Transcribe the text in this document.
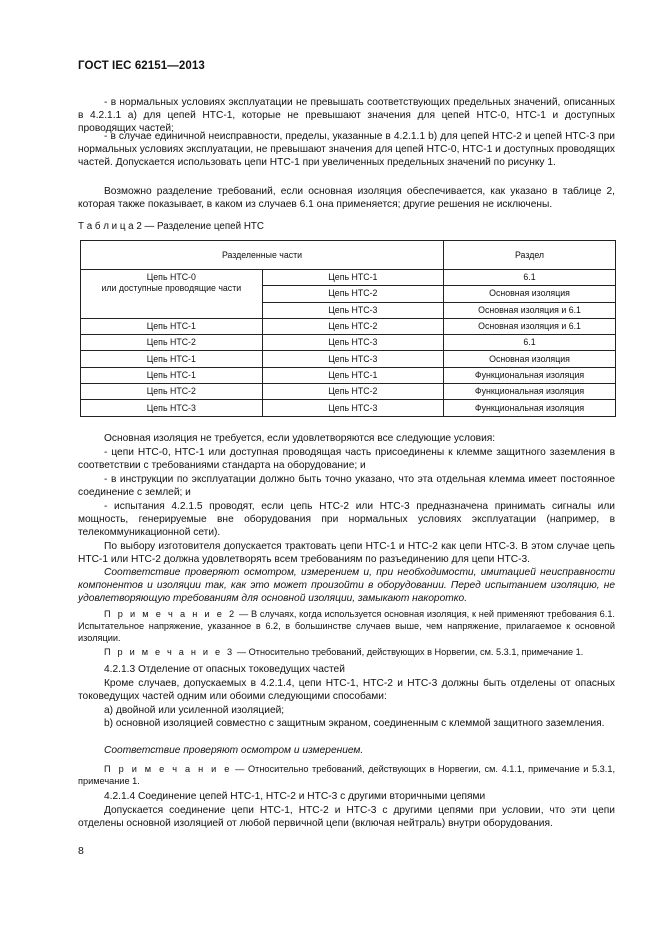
ГОСТ IEC 62151—2013

- в нормальных условиях эксплуатации не превышать соответствующих предельных значений, описанных в 4.2.1.1 а) для цепей НТС-1, которые не превышают значения для цепей НТС-0, НТС-1 и доступных проводящих частей;

- в случае единичной неисправности, пределы, указанные в 4.2.1.1 b) для цепей НТС-2 и цепей НТС-3 при нормальных условиях эксплуатации, не превышают значения для цепей НТС-0, НТС-1 и доступных проводящих частей. Допускается использовать цепи НТС-1 при увеличенных предельных значений по рисунку 1.

Возможно разделение требований, если основная изоляция обеспечивается, как указано в таблице 2, которая также показывает, в каком из случаев 6.1 она применяется; другие решения не исключены.

Т а б л и ц а 2 — Разделение цепей НТС
Разделенные части		Раздел
Цепь НТС-0
или доступные проводящие части	Цепь НТС-1	6.1
	Цепь НТС-2	Основная изоляция
	Цепь НТС-3	Основная изоляция и 6.1
Цепь НТС-1	Цепь НТС-2	Основная изоляция и 6.1
Цепь НТС-2	Цепь НТС-3	6.1
Цепь НТС-1	Цепь НТС-3	Основная изоляция
Цепь НТС-1	Цепь НТС-1	Функциональная изоляция
Цепь НТС-2	Цепь НТС-2	Функциональная изоляция
Цепь НТС-3	Цепь НТС-3	Функциональная изоляция

Основная изоляция не требуется, если удовлетворяются все следующие условия:

- цепи НТС-0, НТС-1 или доступная проводящая часть присоединены к клемме защитного заземления в соответствии с требованиями стандарта на оборудование; и

- в инструкции по эксплуатации должно быть точно указано, что эта отдельная клемма имеет постоянное соединение с землей; и

- испытания 4.2.1.5 проводят, если цепь НТС-2 или НТС-3 предназначена принимать сигналы или мощность, генерируемые вне оборудования при нормальных условиях эксплуатации (например, в телекоммуникационной сети).

По выбору изготовителя допускается трактовать цепи НТС-1 и НТС-2 как цепи НТС-3. В этом случае цепь НТС-1 или НТС-2 должна удовлетворять всем требованиям по разъединению для цепи НТС-3.

Соответствие проверяют осмотром, измерением и, при необходимости, имитацией неисправности компонентов и изоляции так, как это может произойти в оборудовании. Перед испытанием изоляцию, не удовлетворяющую требованиям для основной изоляции, замыкают накоротко.

П р и м е ч а н и е 2 — В случаях, когда используется основная изоляция, к ней применяют требования 6.1. Испытательное напряжение, указанное в 6.2, в большинстве случаев выше, чем напряжение, прилагаемое к основной изоляции.

П р и м е ч а н и е 3 — Относительно требований, действующих в Норвегии, см. 5.3.1, примечание 1.

4.2.1.3 Отделение от опасных токоведущих частей

Кроме случаев, допускаемых в 4.2.1.4, цепи НТС-1, НТС-2 и НТС-3 должны быть отделены от опасных токоведущих частей одним или обоими следующими способами:

а) двойной или усиленной изоляцией;

b) основной изоляцией совместно с защитным экраном, соединенным с клеммой защитного заземления.

Соответствие проверяют осмотром и измерением.

П р и м е ч а н и е — Относительно требований, действующих в Норвегии, см. 4.1.1, примечание и 5.3.1, примечание 1.

4.2.1.4 Соединение цепей НТС-1, НТС-2 и НТС-3 с другими вторичными цепями

Допускается соединение цепи НТС-1, НТС-2 и НТС-3 с другими цепями при условии, что эти цепи отделены основной изоляцией от любой первичной цепи (включая нейтраль) внутри оборудования.

8
